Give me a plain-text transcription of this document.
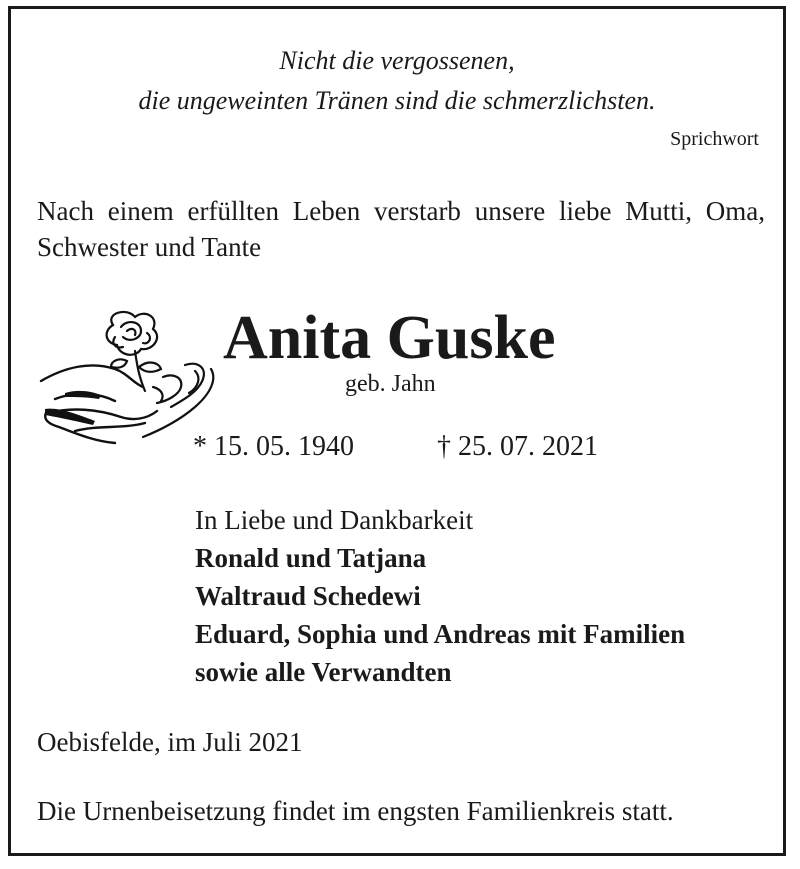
Nicht die vergossenen,
die ungeweinten Tränen sind die schmerzlichsten.
Sprichwort
Nach einem erfüllten Leben verstarb unsere liebe Mutti, Oma, Schwester und Tante
Anita Guske
geb. Jahn
* 15. 05. 1940	† 25. 07. 2021
In Liebe und Dankbarkeit
Ronald und Tatjana
Waltraud Schedewi
Eduard, Sophia und Andreas mit Familien
sowie alle Verwandten
Oebisfelde, im Juli 2021
Die Urnenbeisetzung findet im engsten Familienkreis statt.
